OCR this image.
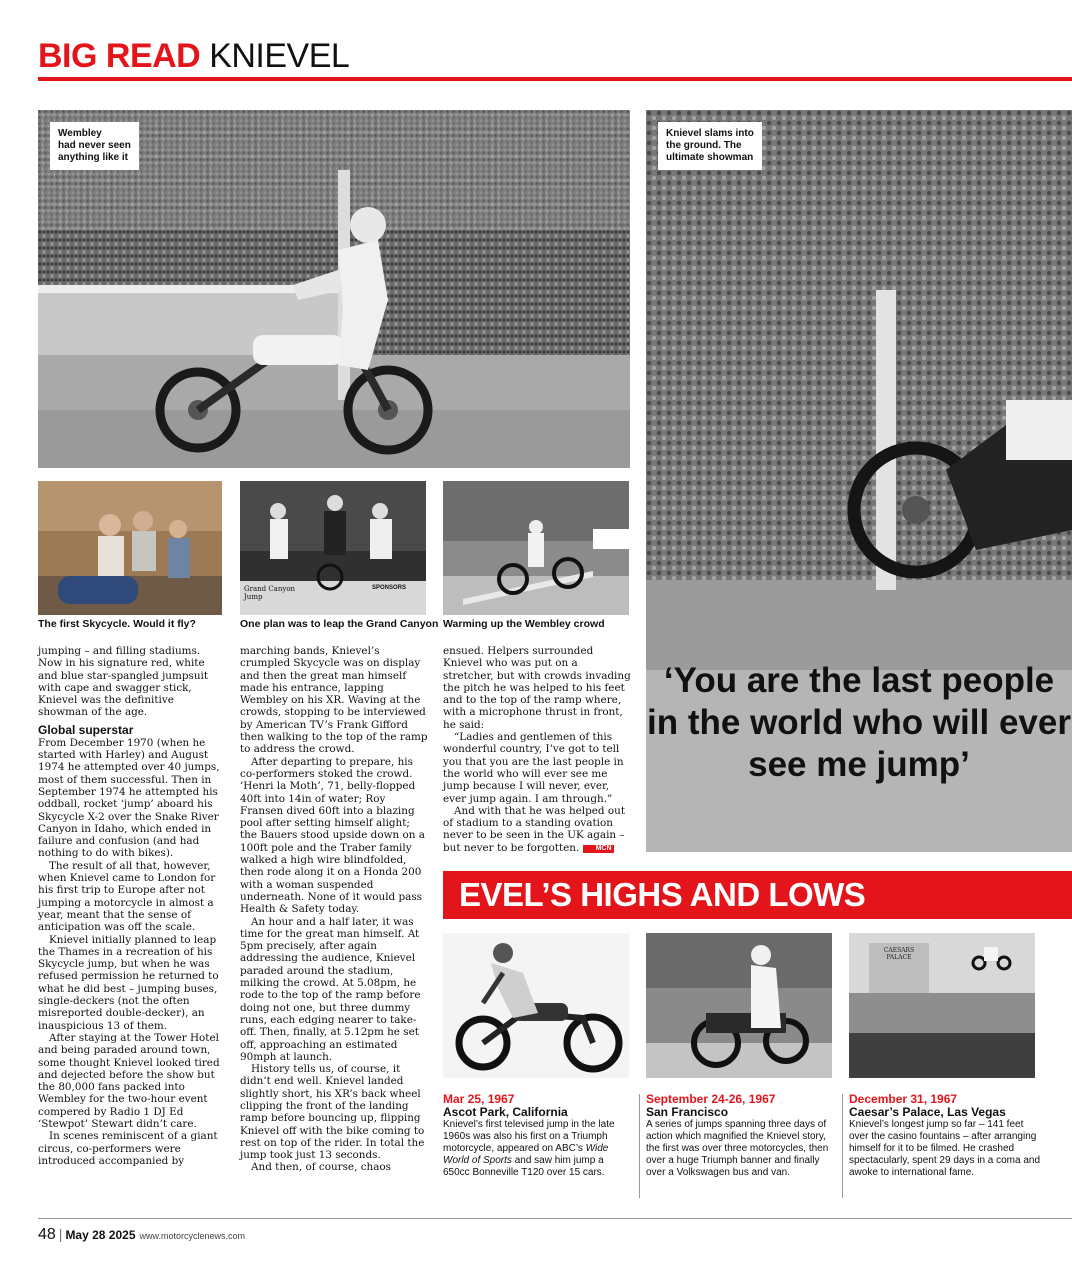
BIG READ KNIEVEL
Wembley
had never seen
anything like it
Knievel slams into
the ground. The
ultimate showman
The first Skycycle. Would it fly?
Grand Canyon Jump
SPONSORS
One plan was to leap the Grand Canyon Warming up the Wembley crowd

jumping – and filling stadiums. Now in his signature red, white and blue star-spangled jumpsuit with cape and swagger stick, Knievel was the definitive showman of the age.

Global superstar

From December 1970 (when he started with Harley) and August 1974 he attempted over 40 jumps, most of them successful. Then in September 1974 he attempted his oddball, rocket ‘jump’ aboard his Skycycle X-2 over the Snake River Canyon in Idaho, which ended in failure and confusion (and had nothing to do with bikes).

The result of all that, however, when Knievel came to London for his first trip to Europe after not jumping a motorcycle in almost a year, meant that the sense of anticipation was off the scale.

Knievel initially planned to leap the Thames in a recreation of his Skycycle jump, but when he was refused permission he returned to what he did best – jumping buses, single-deckers (not the often misreported double-decker), an inauspicious 13 of them.

After staying at the Tower Hotel and being paraded around town, some thought Knievel looked tired and dejected before the show but the 80,000 fans packed into Wembley for the two-hour event compered by Radio 1 DJ Ed ‘Stewpot’ Stewart didn’t care.

In scenes reminiscent of a giant circus, co-performers were introduced accompanied by

marching bands, Knievel’s crumpled Skycycle was on display and then the great man himself made his entrance, lapping Wembley on his XR. Waving at the crowds, stopping to be interviewed by American TV’s Frank Gifford then walking to the top of the ramp to address the crowd.

After departing to prepare, his co-performers stoked the crowd. ‘Henri la Moth’, 71, belly-flopped 40ft into 14in of water; Roy Fransen dived 60ft into a blazing pool after setting himself alight; the Bauers stood upside down on a 100ft pole and the Traber family walked a high wire blindfolded, then rode along it on a Honda 200 with a woman suspended underneath. None of it would pass Health & Safety today.

An hour and a half later, it was time for the great man himself. At 5pm precisely, after again addressing the audience, Knievel paraded around the stadium, milking the crowd. At 5.08pm, he rode to the top of the ramp before doing not one, but three dummy runs, each edging nearer to take-off. Then, finally, at 5.12pm he set off, approaching an estimated 90mph at launch.

History tells us, of course, it didn’t end well. Knievel landed slightly short, his XR’s back wheel clipping the front of the landing ramp before bouncing up, flipping Knievel off with the bike coming to rest on top of the rider. In total the jump took just 13 seconds.

And then, of course, chaos

ensued. Helpers surrounded Knievel who was put on a stretcher, but with crowds invading the pitch he was helped to his feet and to the top of the ramp where, with a microphone thrust in front, he said:

“Ladies and gentlemen of this wonderful country, I’ve got to tell you that you are the last people in the world who will ever see me jump because I will never, ever, ever jump again. I am through.”

And with that he was helped out of stadium to a standing ovation never to be seen in the UK again – but never to be forgotten. MCN

‘You are the last people in the world who will ever see me jump’
EVEL’S HIGHS AND LOWS
CAESARS PALACE
Mar 25, 1967
Ascot Park, California
Knievel’s first televised jump in the late 1960s was also his first on a Triumph motorcycle, appeared on ABC’s Wide World of Sports and saw him jump a 650cc Bonneville T120 over 15 cars.
September 24-26, 1967
San Francisco
A series of jumps spanning three days of action which magnified the Knievel story, the first was over three motorcycles, then over a huge Triumph banner and finally over a Volkswagen bus and van.
December 31, 1967
Caesar’s Palace, Las Vegas
Knievel’s longest jump so far – 141 feet over the casino fountains – after arranging himself for it to be filmed. He crashed spectacularly, spent 29 days in a coma and awoke to international fame.
48 | May 28 2025 www.motorcyclenews.com
